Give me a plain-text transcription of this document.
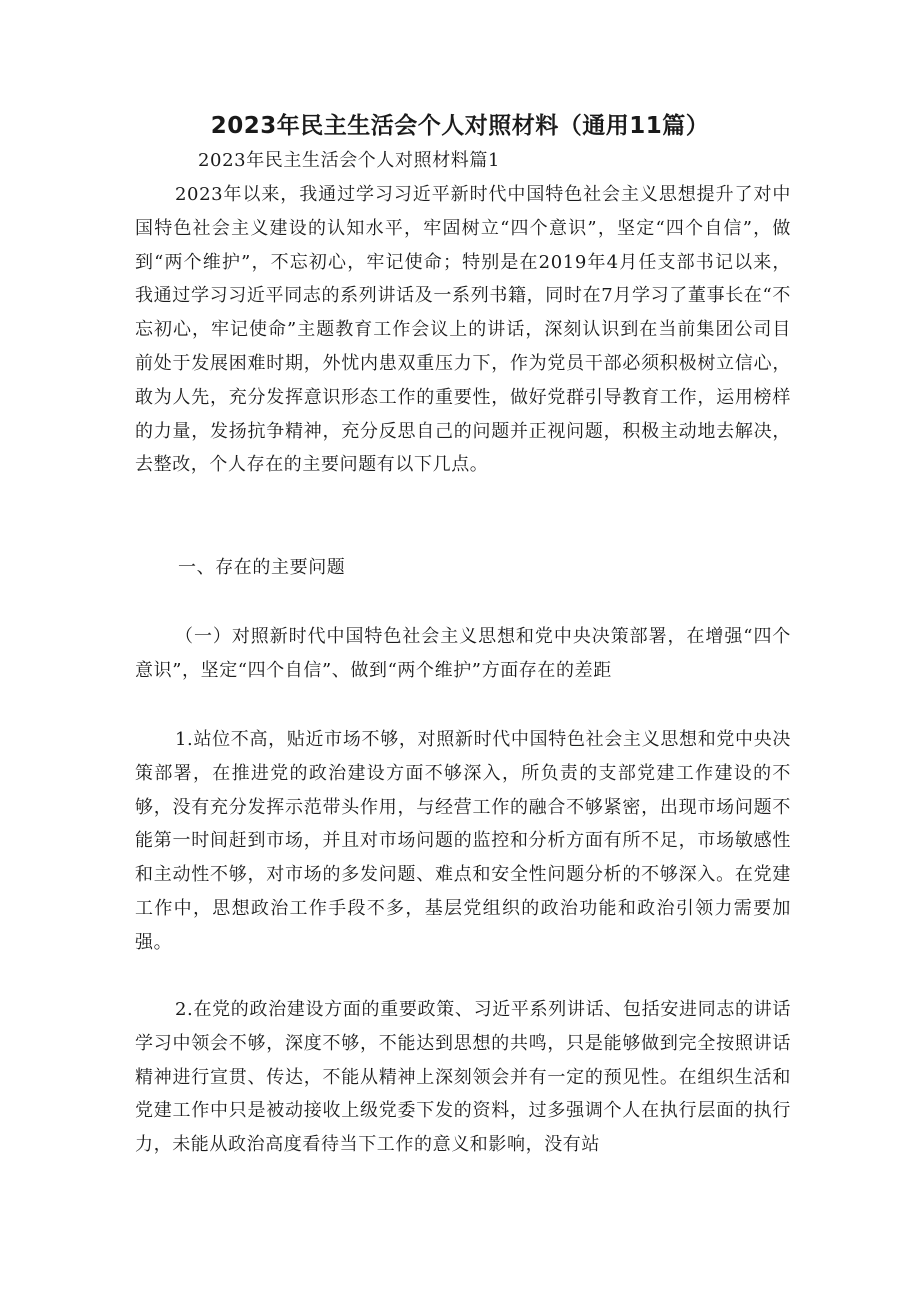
2023年民主生活会个人对照材料（通用11篇）

2023年民主生活会个人对照材料篇1

2023年以来，我通过学习习近平新时代中国特色社会主义思想提升了对中国特色社会主义建设的认知水平，牢固树立“四个意识”，坚定“四个自信”，做到“两个维护”，不忘初心，牢记使命；特别是在2019年4月任支部书记以来，我通过学习习近平同志的系列讲话及一系列书籍，同时在7月学习了董事长在“不忘初心，牢记使命”主题教育工作会议上的讲话，深刻认识到在当前集团公司目前处于发展困难时期，外忧内患双重压力下，作为党员干部必须积极树立信心，敢为人先，充分发挥意识形态工作的重要性，做好党群引导教育工作，运用榜样的力量，发扬抗争精神，充分反思自己的问题并正视问题，积极主动地去解决，去整改，个人存在的主要问题有以下几点。

一、存在的主要问题

（一）对照新时代中国特色社会主义思想和党中央决策部署，在增强“四个意识”，坚定“四个自信”、做到“两个维护”方面存在的差距

1.站位不高，贴近市场不够，对照新时代中国特色社会主义思想和党中央决策部署，在推进党的政治建设方面不够深入，所负责的支部党建工作建设的不够，没有充分发挥示范带头作用，与经营工作的融合不够紧密，出现市场问题不能第一时间赶到市场，并且对市场问题的监控和分析方面有所不足，市场敏感性和主动性不够，对市场的多发问题、难点和安全性问题分析的不够深入。在党建工作中，思想政治工作手段不多，基层党组织的政治功能和政治引领力需要加强。

2.在党的政治建设方面的重要政策、习近平系列讲话、包括安进同志的讲话学习中领会不够，深度不够，不能达到思想的共鸣，只是能够做到完全按照讲话精神进行宣贯、传达，不能从精神上深刻领会并有一定的预见性。在组织生活和党建工作中只是被动接收上级党委下发的资料，过多强调个人在执行层面的执行力，未能从政治高度看待当下工作的意义和影响，没有站
